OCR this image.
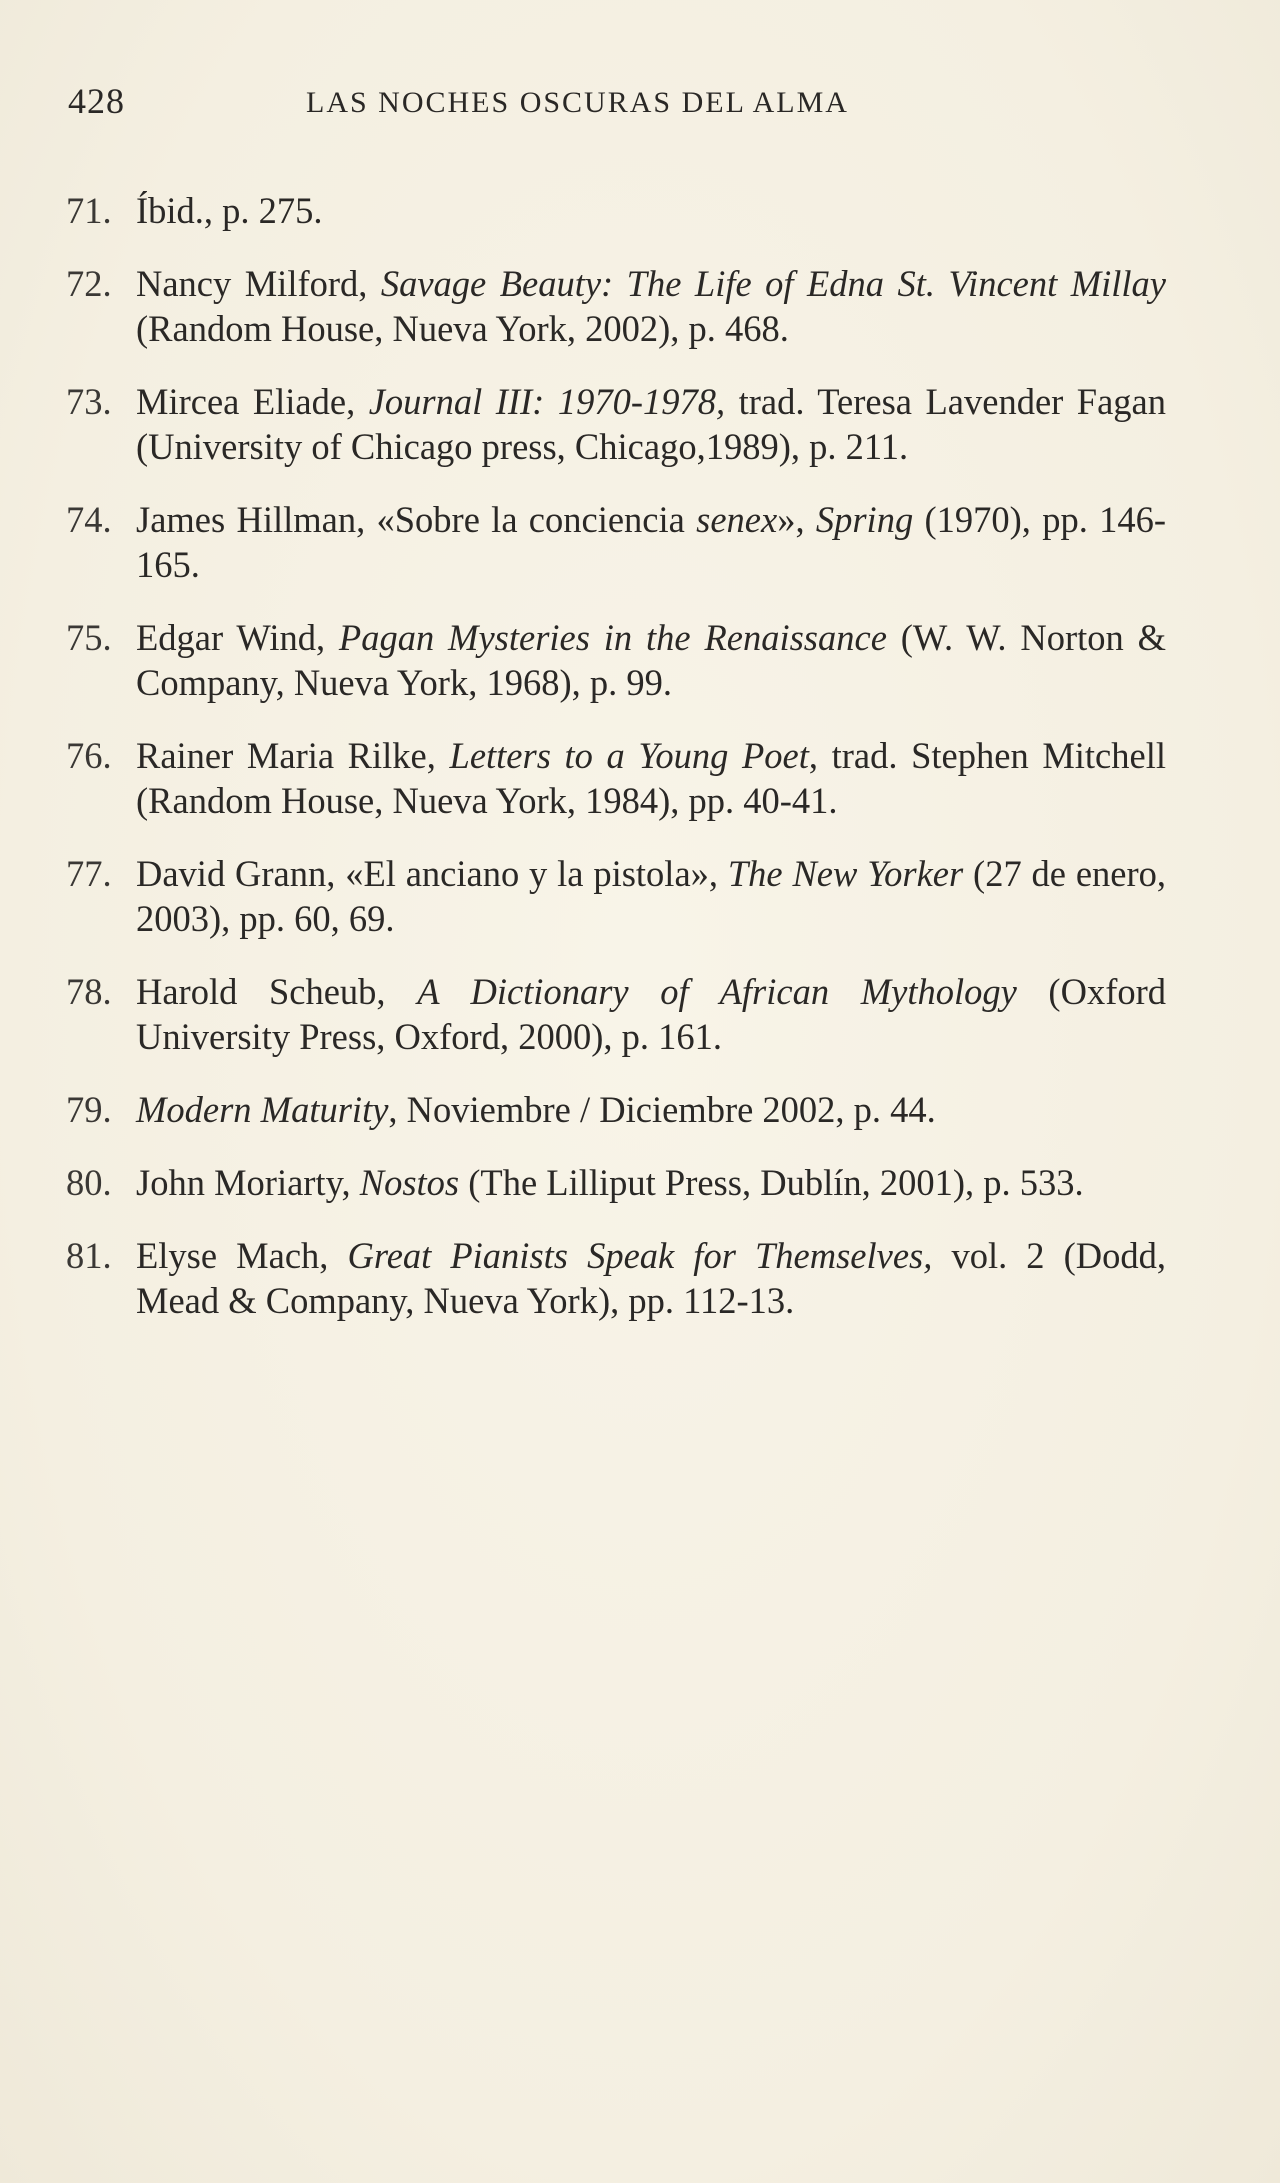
428	LAS NOCHES OSCURAS DEL ALMA
71. Íbid., p. 275.
72. Nancy Milford, Savage Beauty: The Life of Edna St. Vincent Millay (Random House, Nueva York, 2002), p. 468.
73. Mircea Eliade, Journal III: 1970-1978, trad. Teresa Lavender Fagan (University of Chicago press, Chicago,1989), p. 211.
74. James Hillman, «Sobre la conciencia senex», Spring (1970), pp. 146-165.
75. Edgar Wind, Pagan Mysteries in the Renaissance (W. W. Norton & Company, Nueva York, 1968), p. 99.
76. Rainer Maria Rilke, Letters to a Young Poet, trad. Stephen Mitchell (Random House, Nueva York, 1984), pp. 40-41.
77. David Grann, «El anciano y la pistola», The New Yorker (27 de enero, 2003), pp. 60, 69.
78. Harold Scheub, A Dictionary of African Mythology (Oxford University Press, Oxford, 2000), p. 161.
79. Modern Maturity, Noviembre / Diciembre 2002, p. 44.
80. John Moriarty, Nostos (The Lilliput Press, Dublín, 2001), p. 533.
81. Elyse Mach, Great Pianists Speak for Themselves, vol. 2 (Dodd, Mead & Company, Nueva York), pp. 112-13.
